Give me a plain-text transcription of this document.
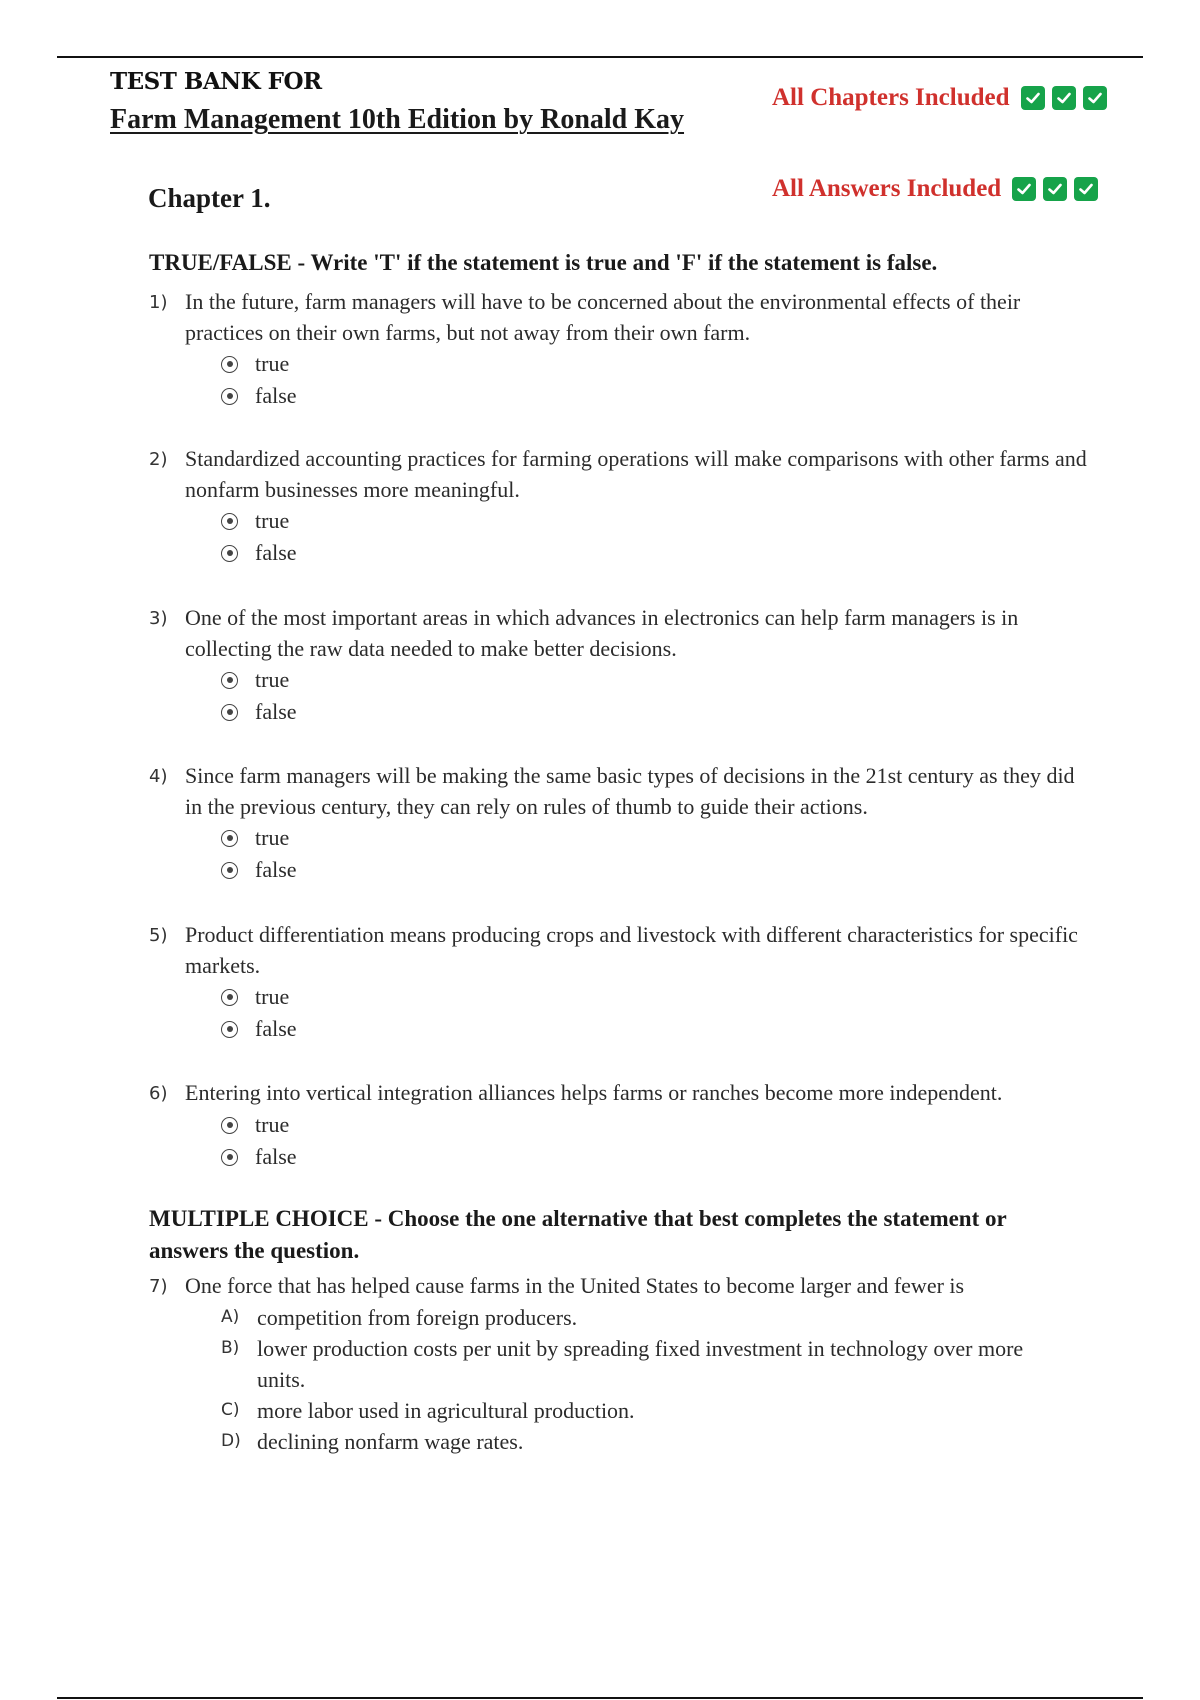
TEST BANK FOR
Farm Management 10th Edition by Ronald Kay
All Chapters Included
Chapter 1.	All Answers Included
TRUE/FALSE - Write 'T' if the statement is true and 'F' if the statement is false.
1) In the future, farm managers will have to be concerned about the environmental effects of their practices on their own farms, but not away from their own farm.
true
false
2) Standardized accounting practices for farming operations will make comparisons with other farms and nonfarm businesses more meaningful.
true
false
3) One of the most important areas in which advances in electronics can help farm managers is in collecting the raw data needed to make better decisions.
true
false
4) Since farm managers will be making the same basic types of decisions in the 21st century as they did in the previous century, they can rely on rules of thumb to guide their actions.
true
false
5) Product differentiation means producing crops and livestock with different characteristics for specific markets.
true
false
6) Entering into vertical integration alliances helps farms or ranches become more independent.
true
false
MULTIPLE CHOICE - Choose the one alternative that best completes the statement or answers the question.
7) One force that has helped cause farms in the United States to become larger and fewer is
A) competition from foreign producers.
B) lower production costs per unit by spreading fixed investment in technology over more units.
C) more labor used in agricultural production.
D) declining nonfarm wage rates.
